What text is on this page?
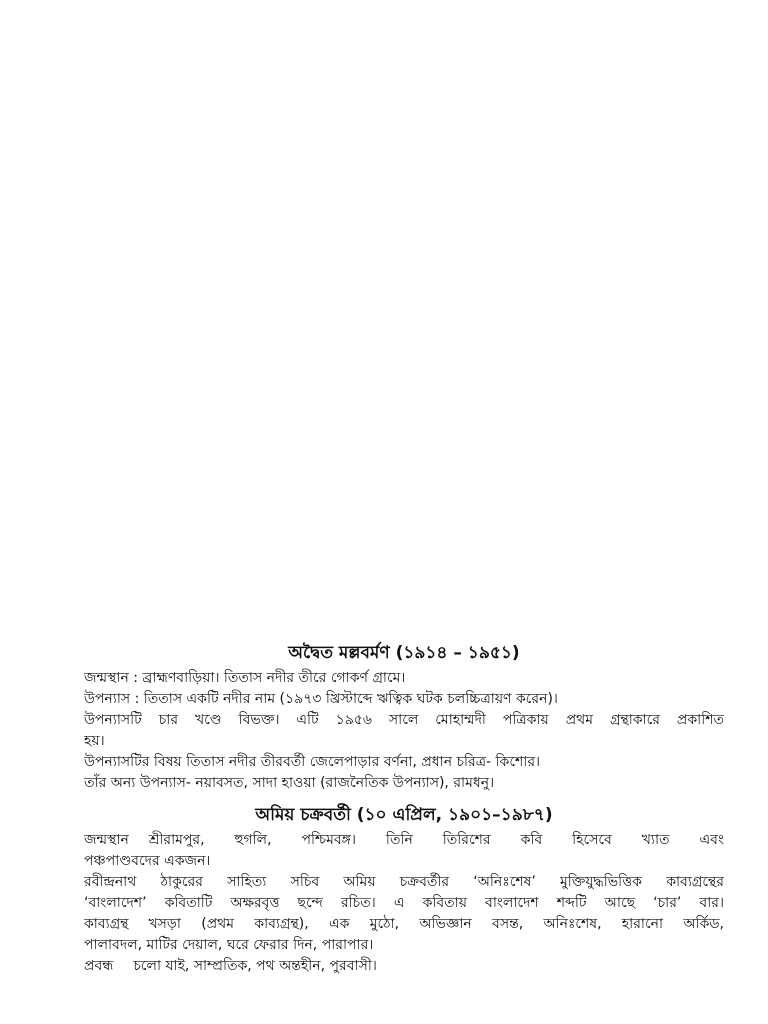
অদ্বৈত মল্লবর্মণ (১৯১৪ – ১৯৫১)

জন্মস্থান : ব্রাহ্মণবাড়িয়া। তিতাস নদীর তীরে গোকর্ণ গ্রামে।

উপন্যাস : তিতাস একটি নদীর নাম (১৯৭৩ খ্রিস্টাব্দে ঋত্বিক ঘটক চলচ্চিত্রায়ণ করেন)।

উপন্যাসটি চার খণ্ডে বিভক্ত। এটি ১৯৫৬ সালে মোহাম্মদী পত্রিকায় প্রথম গ্রন্থাকারে প্রকাশিত

হয়।

উপন্যাসটির বিষয় তিতাস নদীর তীরবর্তী জেলেপাড়ার বর্ণনা, প্রধান চরিত্র- কিশোর।

তাঁর অন্য উপন্যাস- নয়াবসত, সাদা হাওয়া (রাজনৈতিক উপন্যাস), রামধনু।

অমিয় চক্রবর্তী (১০ এপ্রিল, ১৯০১–১৯৮৭)

জন্মস্থান শ্রীরামপুর, হুগলি, পশ্চিমবঙ্গ। তিনি তিরিশের কবি হিসেবে খ্যাত এবং

পঞ্চপাণ্ডবদের একজন।

রবীন্দ্রনাথ ঠাকুরের সাহিত্য সচিব অমিয় চক্রবর্তীর ‘অনিঃশেষ’ মুক্তিযুদ্ধভিত্তিক কাব্যগ্রন্থের

‘বাংলাদেশ’ কবিতাটি অক্ষরবৃত্ত ছন্দে রচিত। এ কবিতায় বাংলাদেশ শব্দটি আছে ‘চার’ বার।

কাব্যগ্রন্থ খসড়া (প্রথম কাব্যগ্রন্থ), এক মুঠো, অভিজ্ঞান বসন্ত, অনিঃশেষ, হারানো অর্কিড,

পালাবদল, মাটির দেয়াল, ঘরে ফেরার দিন, পারাপার।

প্রবন্ধ চলো যাই, সাম্প্রতিক, পথ অন্তহীন, পুরবাসী।
